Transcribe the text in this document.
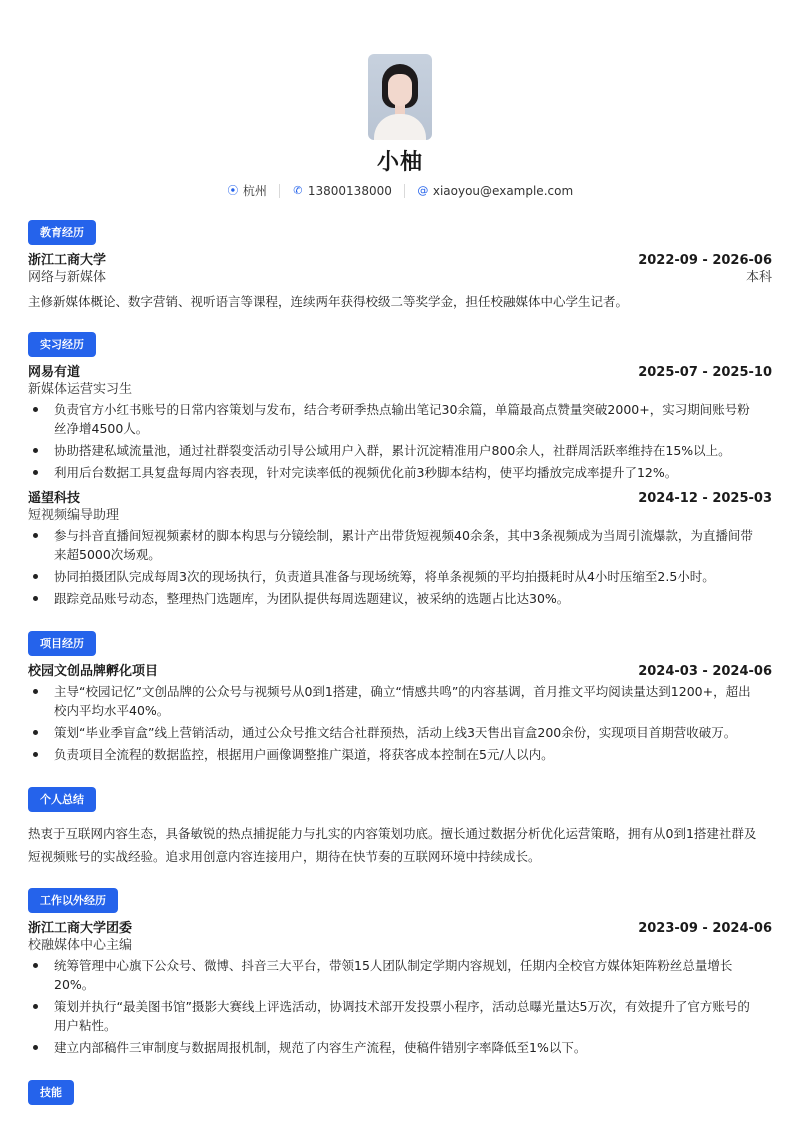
小柚
⦿ 杭州 ✆ 13800138000 @ xiaoyou@example.com
教育经历
浙江工商大学	2022-09 - 2026-06
网络与新媒体	本科
主修新媒体概论、数字营销、视听语言等课程，连续两年获得校级二等奖学金，担任校融媒体中心学生记者。
实习经历
网易有道	2025-07 - 2025-10
新媒体运营实习生
负责官方小红书账号的日常内容策划与发布，结合考研季热点输出笔记30余篇，单篇最高点赞量突破2000+，实习期间账号粉丝净增4500人。
协助搭建私域流量池，通过社群裂变活动引导公域用户入群，累计沉淀精准用户800余人，社群周活跃率维持在15%以上。
利用后台数据工具复盘每周内容表现，针对完读率低的视频优化前3秒脚本结构，使平均播放完成率提升了12%。
遥望科技	2024-12 - 2025-03
短视频编导助理
参与抖音直播间短视频素材的脚本构思与分镜绘制，累计产出带货短视频40余条，其中3条视频成为当周引流爆款，为直播间带来超5000次场观。
协同拍摄团队完成每周3次的现场执行，负责道具准备与现场统筹，将单条视频的平均拍摄耗时从4小时压缩至2.5小时。
跟踪竞品账号动态，整理热门选题库，为团队提供每周选题建议，被采纳的选题占比达30%。
项目经历
校园文创品牌孵化项目	2024-03 - 2024-06
主导“校园记忆”文创品牌的公众号与视频号从0到1搭建，确立“情感共鸣”的内容基调，首月推文平均阅读量达到1200+，超出校内平均水平40%。
策划“毕业季盲盒”线上营销活动，通过公众号推文结合社群预热，活动上线3天售出盲盒200余份，实现项目首期营收破万。
负责项目全流程的数据监控，根据用户画像调整推广渠道，将获客成本控制在5元/人以内。
个人总结
热衷于互联网内容生态，具备敏锐的热点捕捉能力与扎实的内容策划功底。擅长通过数据分析优化运营策略，拥有从0到1搭建社群及短视频账号的实战经验。追求用创意内容连接用户，期待在快节奏的互联网环境中持续成长。
工作以外经历
浙江工商大学团委	2023-09 - 2024-06
校融媒体中心主编
统筹管理中心旗下公众号、微博、抖音三大平台，带领15人团队制定学期内容规划，任期内全校官方媒体矩阵粉丝总量增长20%。
策划并执行“最美图书馆”摄影大赛线上评选活动，协调技术部开发投票小程序，活动总曝光量达5万次，有效提升了官方账号的用户粘性。
建立内部稿件三审制度与数据周报机制，规范了内容生产流程，使稿件错别字率降低至1%以下。
技能
